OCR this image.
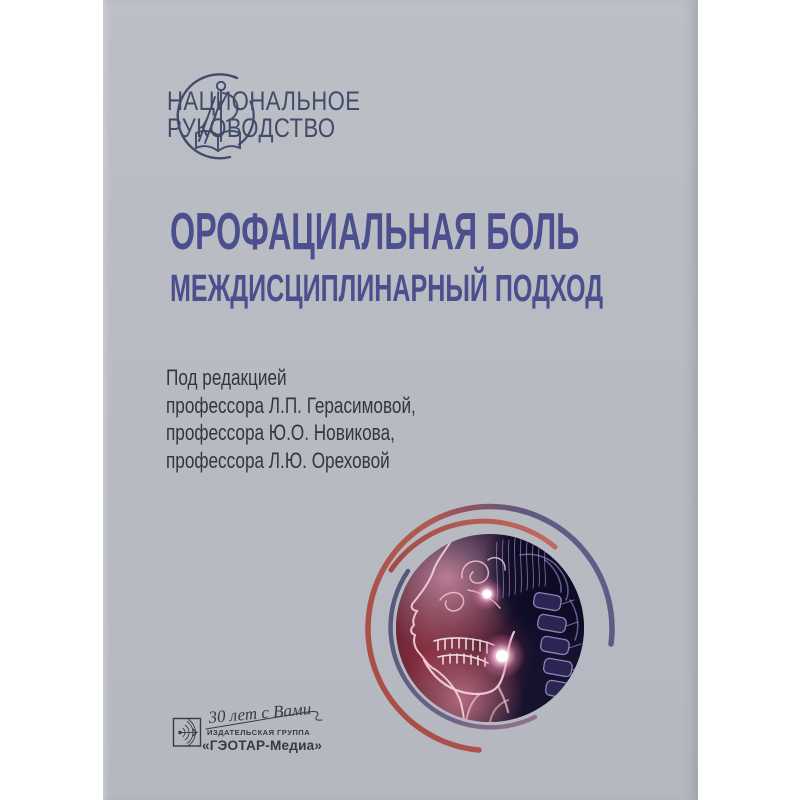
НАЦИОНАЛЬНОЕ
РУКОВОДСТВО
ОРОФАЦИАЛЬНАЯ БОЛЬ
МЕЖДИСЦИПЛИНАРНЫЙ ПОДХОД
Под редакцией
профессора Л.П. Герасимовой,
профессора Ю.О. Новикова,
профессора Л.Ю. Ореховой
30 лет с Вами
ИЗДАТЕЛЬСКАЯ ГРУППА
«ГЭОТАР-Медиа»
